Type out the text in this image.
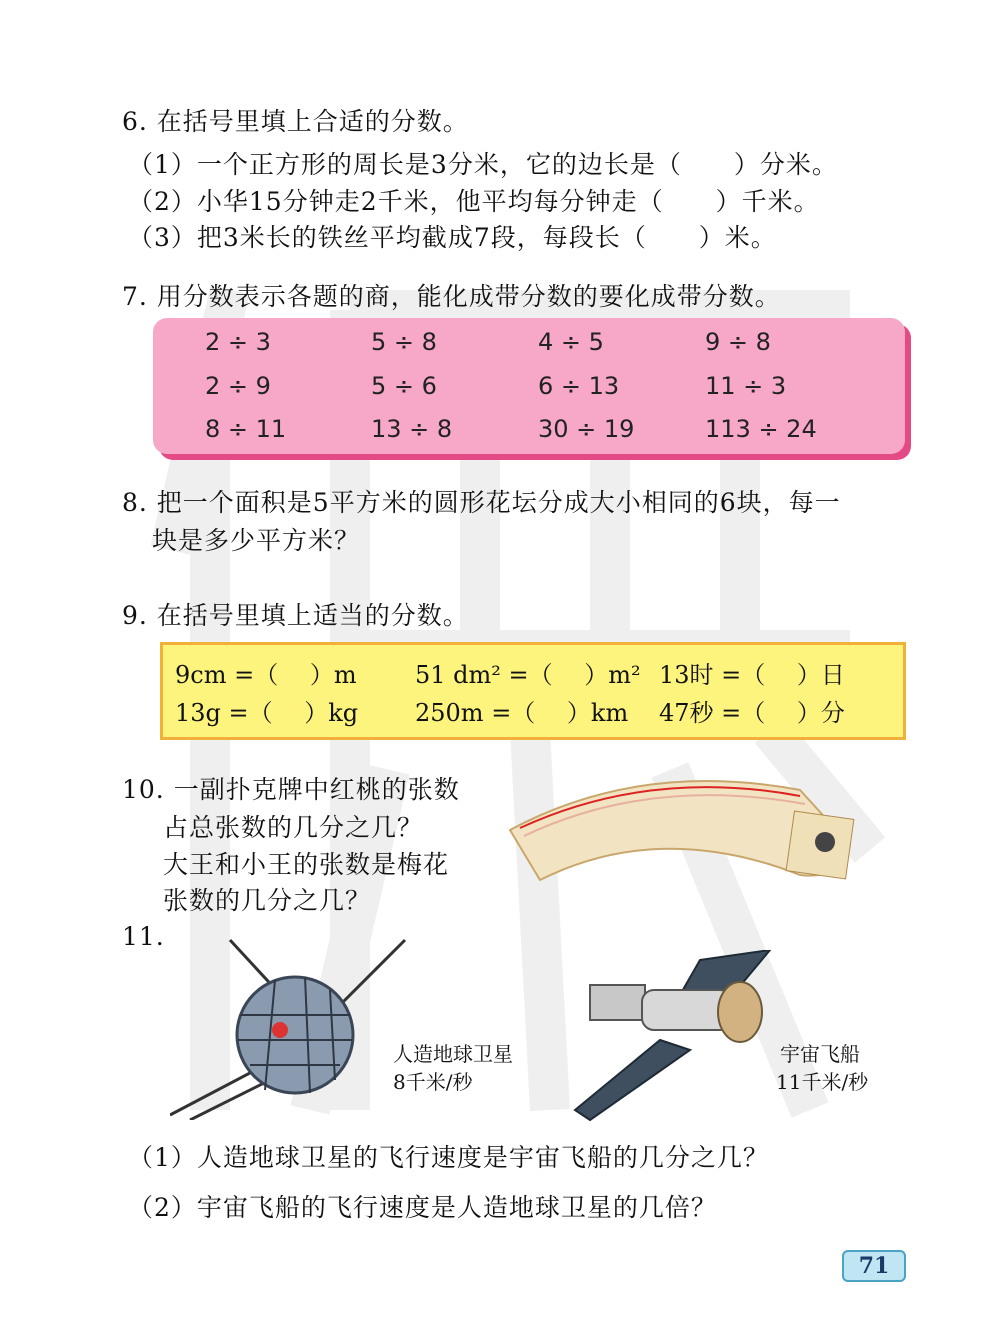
6. 在括号里填上合适的分数。
（1）一个正方形的周长是3分米，它的边长是（　　）分米。
（2）小华15分钟走2千米，他平均每分钟走（　　）千米。
（3）把3米长的铁丝平均截成7段，每段长（　　）米。
7. 用分数表示各题的商，能化成带分数的要化成带分数。
2 ÷ 3	5 ÷ 8	4 ÷ 5	9 ÷ 8
2 ÷ 9	5 ÷ 6	6 ÷ 13	11 ÷ 3
8 ÷ 11	13 ÷ 8	30 ÷ 19	113 ÷ 24
8. 把一个面积是5平方米的圆形花坛分成大小相同的6块，每一
块是多少平方米？
9. 在括号里填上适当的分数。
9cm =（　 ）m 51 dm² =（　 ）m² 13时 =（　 ）日
13g =（　 ）kg 250m =（　 ）km 47秒 =（　 ）分
10. 一副扑克牌中红桃的张数
占总张数的几分之几？
大王和小王的张数是梅花
张数的几分之几？
11.
人造地球卫星
8千米/秒
宇宙飞船
11千米/秒
（1）人造地球卫星的飞行速度是宇宙飞船的几分之几？
（2）宇宙飞船的飞行速度是人造地球卫星的几倍？
71
